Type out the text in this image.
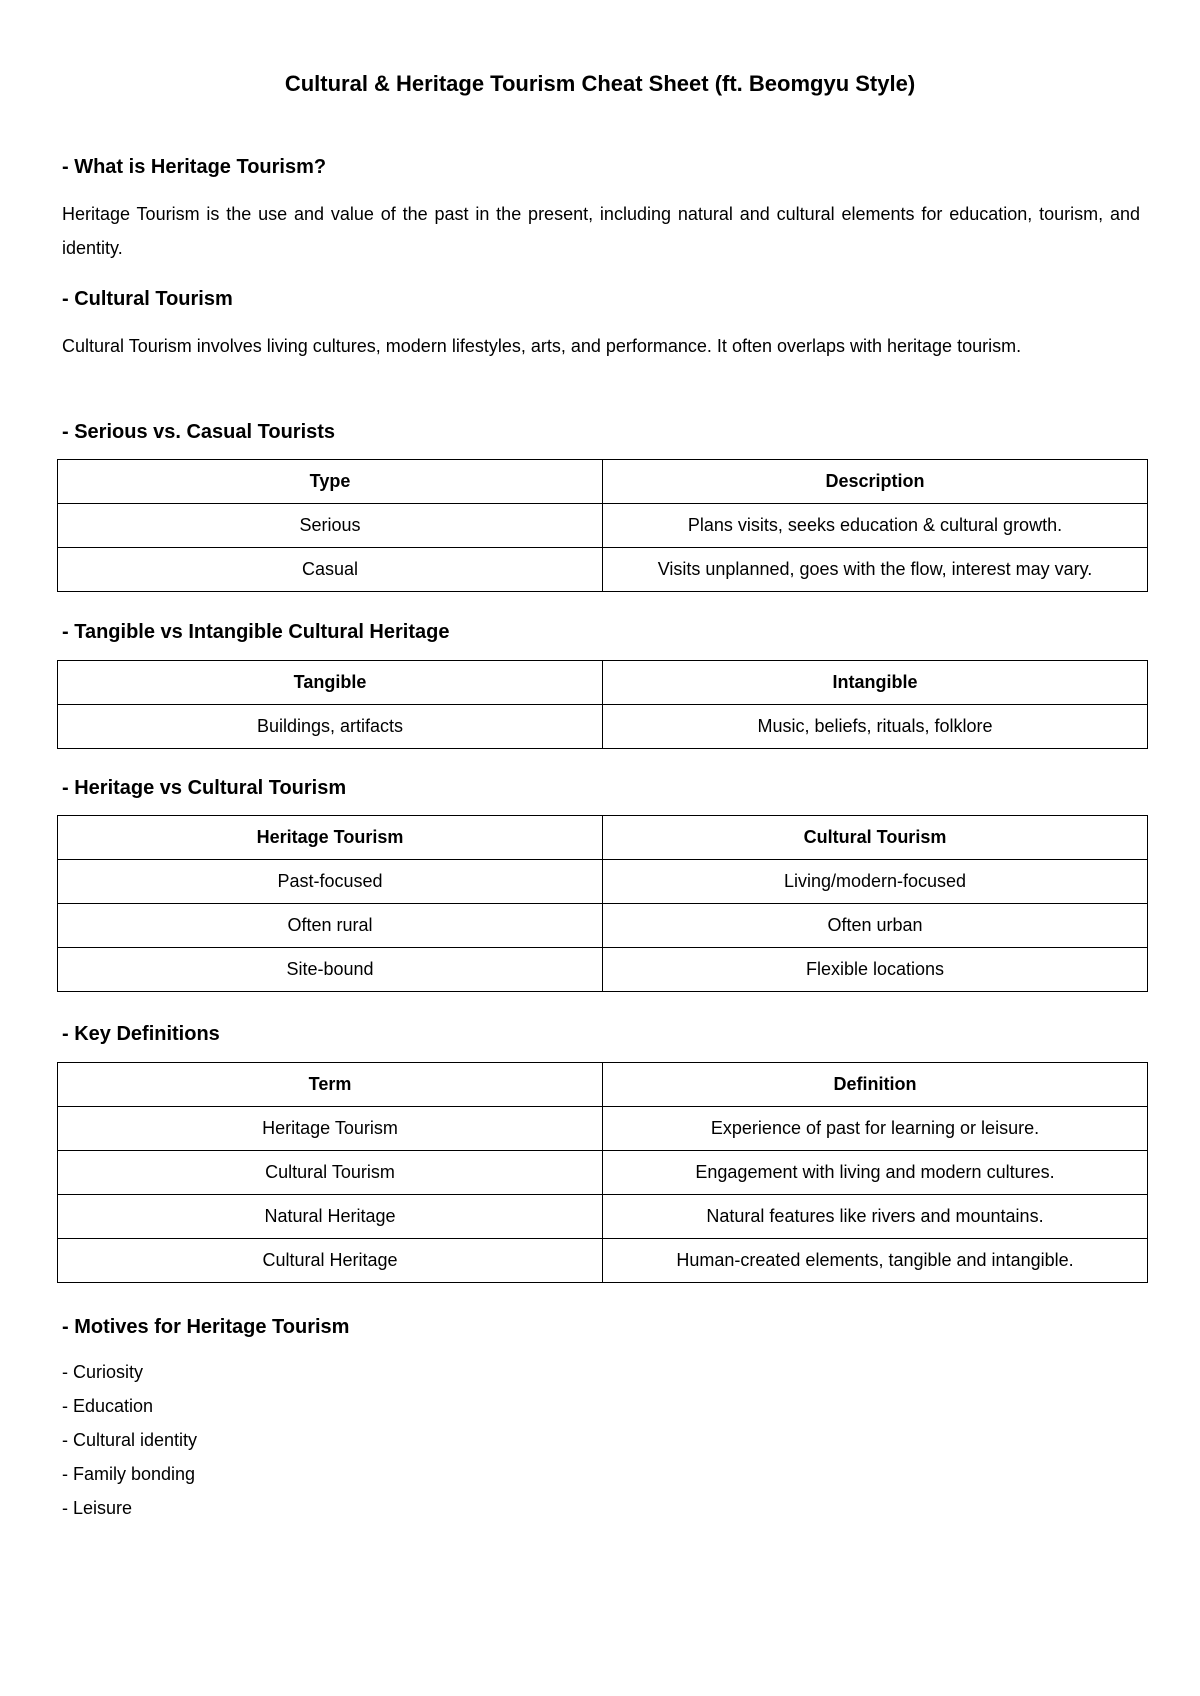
Cultural & Heritage Tourism Cheat Sheet (ft. Beomgyu Style)
- What is Heritage Tourism?
Heritage Tourism is the use and value of the past in the present, including natural and cultural elements for education, tourism, and identity.
- Cultural Tourism
Cultural Tourism involves living cultures, modern lifestyles, arts, and performance. It often overlaps with heritage tourism.
- Serious vs. Casual Tourists
Type	Description
Serious	Plans visits, seeks education & cultural growth.
Casual	Visits unplanned, goes with the flow, interest may vary.
- Tangible vs Intangible Cultural Heritage
Tangible	Intangible
Buildings, artifacts	Music, beliefs, rituals, folklore
- Heritage vs Cultural Tourism
Heritage Tourism	Cultural Tourism
Past-focused	Living/modern-focused
Often rural	Often urban
Site-bound	Flexible locations
- Key Definitions
Term	Definition
Heritage Tourism	Experience of past for learning or leisure.
Cultural Tourism	Engagement with living and modern cultures.
Natural Heritage	Natural features like rivers and mountains.
Cultural Heritage	Human-created elements, tangible and intangible.
- Motives for Heritage Tourism
- Curiosity
- Education
- Cultural identity
- Family bonding
- Leisure
